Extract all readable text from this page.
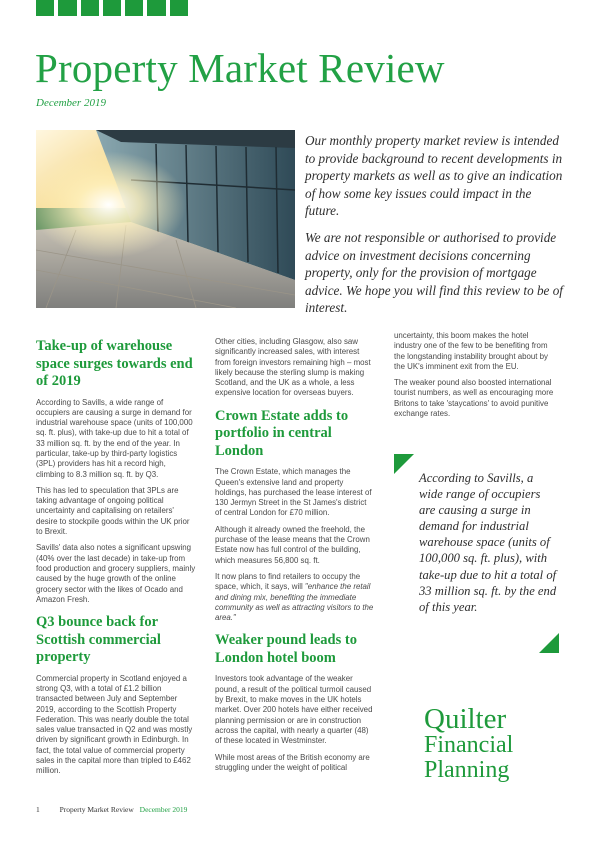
Property Market Review
December 2019

Our monthly property market review is intended to provide background to recent developments in property markets as well as to give an indication of how some key issues could impact in the future.

We are not responsible or authorised to provide advice on investment decisions concerning property, only for the provision of mortgage advice. We hope you will find this review to be of interest.

Take-up of warehouse space surges towards end of 2019

According to Savills, a wide range of occupiers are causing a surge in demand for industrial warehouse space (units of 100,000 sq. ft. plus), with take-up due to hit a total of 33 million sq. ft. by the end of the year. In particular, take-up by third-party logistics (3PL) providers has hit a record high, climbing to 8.3 million sq. ft. by Q3.

This has led to speculation that 3PLs are taking advantage of ongoing political uncertainty and capitalising on retailers' desire to stockpile goods within the UK prior to Brexit.

Savills' data also notes a significant upswing (40% over the last decade) in take-up from food production and grocery suppliers, mainly caused by the huge growth of the online grocery sector with the likes of Ocado and Amazon Fresh.

Q3 bounce back for Scottish commercial property

Commercial property in Scotland enjoyed a strong Q3, with a total of £1.2 billion transacted between July and September 2019, according to the Scottish Property Federation. This was nearly double the total sales value transacted in Q2 and was mostly driven by significant growth in Edinburgh. In fact, the total value of commercial property sales in the capital more than tripled to £462 million.

Other cities, including Glasgow, also saw significantly increased sales, with interest from foreign investors remaining high – most likely because the sterling slump is making Scotland, and the UK as a whole, a less expensive location for overseas buyers.

Crown Estate adds to portfolio in central London

The Crown Estate, which manages the Queen's extensive land and property holdings, has purchased the lease interest of 130 Jermyn Street in the St James's district of central London for £70 million.

Although it already owned the freehold, the purchase of the lease means that the Crown Estate now has full control of the building, which measures 56,800 sq. ft.

It now plans to find retailers to occupy the space, which, it says, will "enhance the retail and dining mix, benefiting the immediate community as well as attracting visitors to the area."

Weaker pound leads to London hotel boom

Investors took advantage of the weaker pound, a result of the political turmoil caused by Brexit, to make moves in the UK hotels market. Over 200 hotels have either received planning permission or are in construction across the capital, with nearly a quarter (48) of these located in Westminster.

While most areas of the British economy are struggling under the weight of political

uncertainty, this boom makes the hotel industry one of the few to be benefiting from the longstanding instability brought about by the UK's imminent exit from the EU.

The weaker pound also boosted international tourist numbers, as well as encouraging more Britons to take 'staycations' to avoid punitive exchange rates.

According to Savills, a wide range of occupiers are causing a surge in demand for industrial warehouse space (units of 100,000 sq. ft. plus), with take-up due to hit a total of 33 million sq. ft. by the end of this year.
Quilter
Financial
Planning
1	Property Market Review December 2019
